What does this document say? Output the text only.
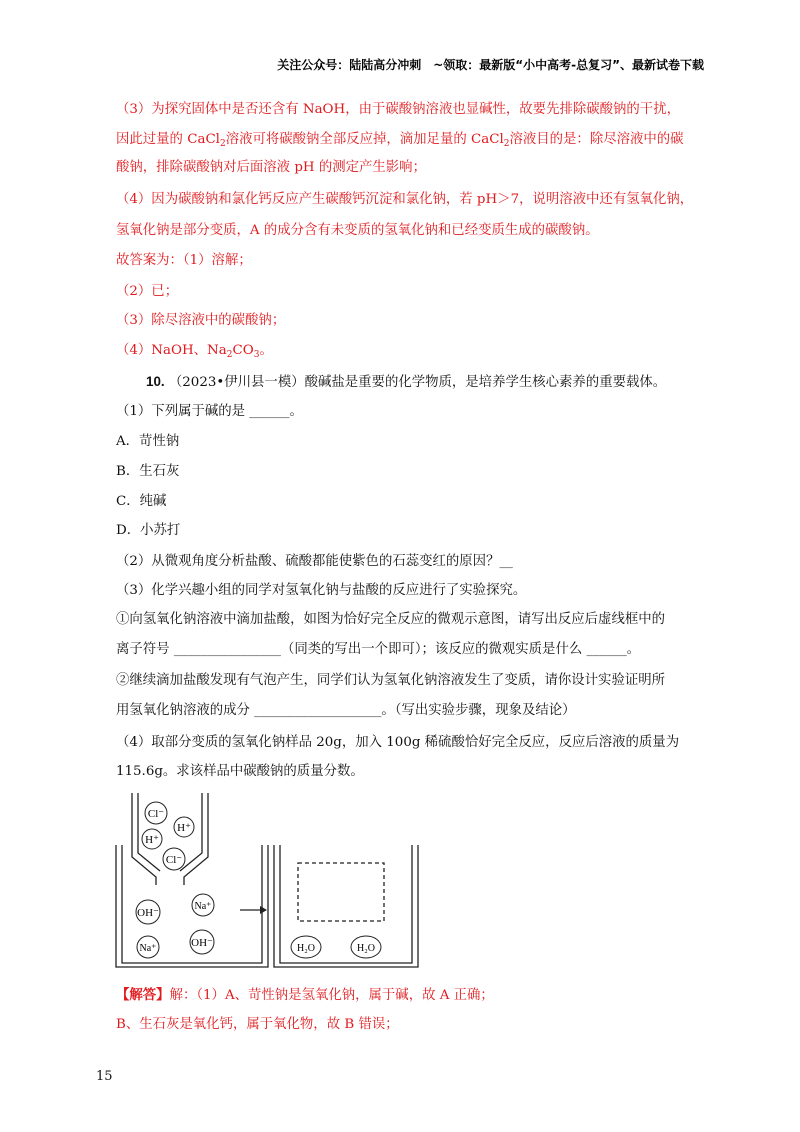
关注公众号：陆陆高分冲刺　~领取：最新版“小中高考-总复习”、最新试卷下载
（3）为探究固体中是否还含有 NaOH，由于碳酸钠溶液也显碱性，故要先排除碳酸钠的干扰，
因此过量的 CaCl$_2$溶液可将碳酸钠全部反应掉，滴加足量的 CaCl$_2$溶液目的是：除尽溶液中的碳
酸钠，排除碳酸钠对后面溶液 pH 的测定产生影响；
（4）因为碳酸钠和氯化钙反应产生碳酸钙沉淀和氯化钠，若 pH＞7，说明溶液中还有氢氧化钠，
氢氧化钠是部分变质，A 的成分含有未变质的氢氧化钠和已经变质生成的碳酸钠。
故答案为：（1）溶解；
（2）已；
（3）除尽溶液中的碳酸钠；
（4）NaOH、$Na_2CO_3$。
10. （2023•伊川县一模）酸碱盐是重要的化学物质，是培养学生核心素养的重要载体。
（1）下列属于碱的是 ______。
A．苛性钠
B．生石灰
C．纯碱
D．小苏打
（2）从微观角度分析盐酸、硫酸都能使紫色的石蕊变红的原因？__
（3）化学兴趣小组的同学对氢氧化钠与盐酸的反应进行了实验探究。
①向氢氧化钠溶液中滴加盐酸，如图为恰好完全反应的微观示意图，请写出反应后虚线框中的
离子符号 ________________（同类的写出一个即可）；该反应的微观实质是什么 ______。
②继续滴加盐酸发现有气泡产生，同学们认为氢氧化钠溶液发生了变质，请你设计实验证明所
用氢氧化钠溶液的成分 ___________________。（写出实验步骤，现象及结论）
（4）取部分变质的氢氧化钠样品 20g，加入 100g 稀硫酸恰好完全反应，反应后溶液的质量为
115.6g。求该样品中碳酸钠的质量分数。
Cl⁻
H⁺
H⁺
Cl⁻
OH⁻
Na⁺
Na⁺	OH⁻	H₂O	H₂O
【解答】解：（1）A、苛性钠是氢氧化钠，属于碱，故 A 正确；
B、生石灰是氧化钙，属于氧化物，故 B 错误；
15
